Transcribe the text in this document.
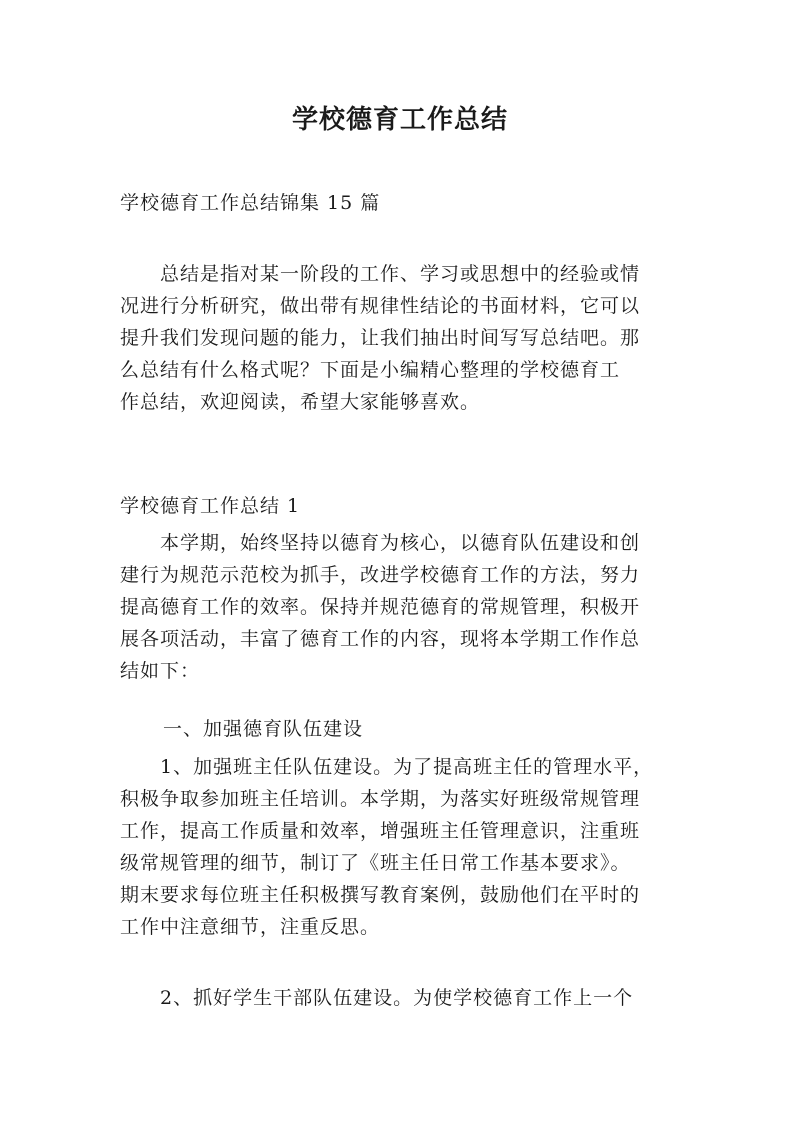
学校德育工作总结
学校德育工作总结锦集 15 篇
　　总结是指对某一阶段的工作、学习或思想中的经验或情
况进行分析研究，做出带有规律性结论的书面材料，它可以
提升我们发现问题的能力，让我们抽出时间写写总结吧。那
么总结有什么格式呢？下面是小编精心整理的学校德育工
作总结，欢迎阅读，希望大家能够喜欢。
学校德育工作总结 1
　　本学期，始终坚持以德育为核心，以德育队伍建设和创
建行为规范示范校为抓手，改进学校德育工作的方法，努力
提高德育工作的效率。保持并规范德育的常规管理，积极开
展各项活动，丰富了德育工作的内容，现将本学期工作作总
结如下：
一、加强德育队伍建设
　　1、加强班主任队伍建设。为了提高班主任的管理水平，
积极争取参加班主任培训。本学期，为落实好班级常规管理
工作，提高工作质量和效率，增强班主任管理意识，注重班
级常规管理的细节，制订了《班主任日常工作基本要求》。
期末要求每位班主任积极撰写教育案例，鼓励他们在平时的
工作中注意细节，注重反思。
　　2、抓好学生干部队伍建设。为使学校德育工作上一个
